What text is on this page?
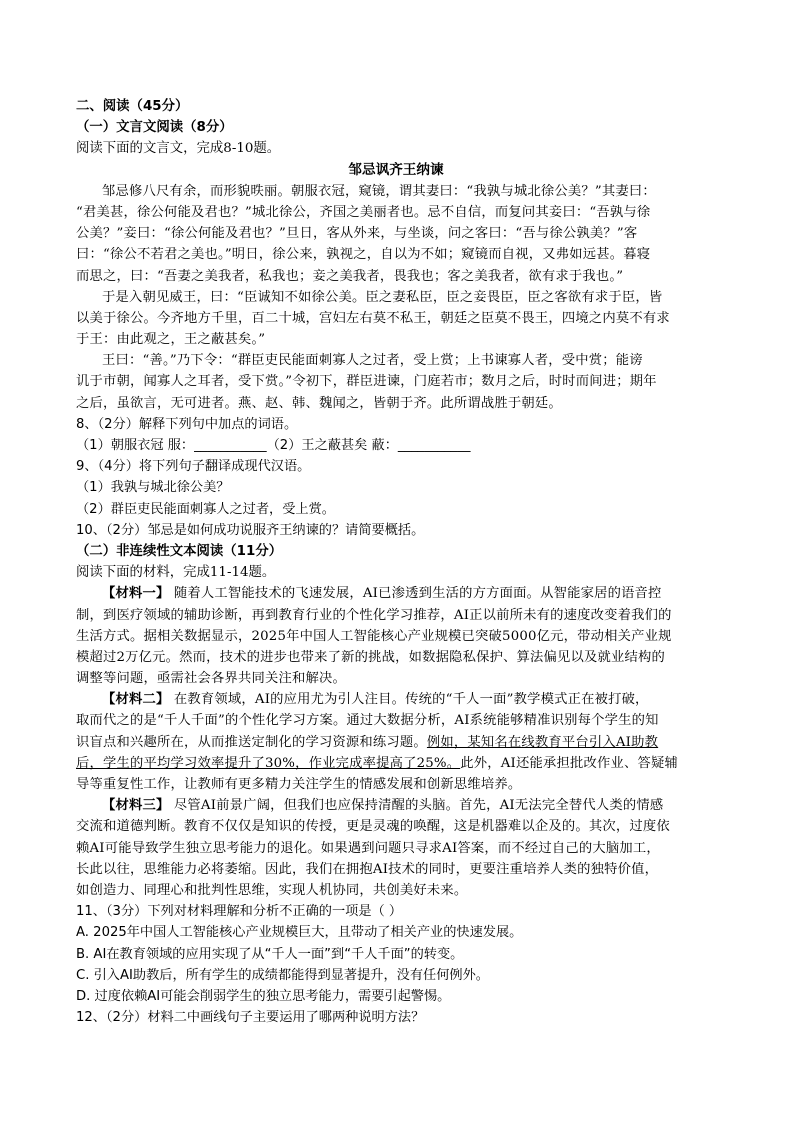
二、阅读（45分）
（一）文言文阅读（8分）
阅读下面的文言文，完成8-10题。
邹忌讽齐王纳谏
邹忌修八尺有余，而形貌昳丽。朝服衣冠，窥镜，谓其妻曰：“我孰与城北徐公美？”其妻曰：
“君美甚，徐公何能及君也？”城北徐公，齐国之美丽者也。忌不自信，而复问其妾曰：“吾孰与徐
公美？”妾曰：“徐公何能及君也？”旦日，客从外来，与坐谈，问之客曰：“吾与徐公孰美？”客
曰：“徐公不若君之美也。”明日，徐公来，孰视之，自以为不如；窥镜而自视，又弗如远甚。暮寝
而思之，曰：“吾妻之美我者，私我也；妾之美我者，畏我也；客之美我者，欲有求于我也。”
于是入朝见威王，曰：“臣诚知不如徐公美。臣之妻私臣，臣之妾畏臣，臣之客欲有求于臣，皆
以美于徐公。今齐地方千里，百二十城，宫妇左右莫不私王，朝廷之臣莫不畏王，四境之内莫不有求
于王：由此观之，王之蔽甚矣。”
王曰：“善。”乃下令：“群臣吏民能面刺寡人之过者，受上赏；上书谏寡人者，受中赏；能谤
讥于市朝，闻寡人之耳者，受下赏。”令初下，群臣进谏，门庭若市；数月之后，时时而间进；期年
之后，虽欲言，无可进者。燕、赵、韩、魏闻之，皆朝于齐。此所谓战胜于朝廷。
8、（2分）解释下列句中加点的词语。
（1）朝服衣冠 服：___________（2）王之蔽甚矣 蔽：___________
9、（4分）将下列句子翻译成现代汉语。
（1）我孰与城北徐公美？
（2）群臣吏民能面刺寡人之过者，受上赏。
10、（2分）邹忌是如何成功说服齐王纳谏的？请简要概括。
（二）非连续性文本阅读（11分）
阅读下面的材料，完成11-14题。
【材料一】 随着人工智能技术的飞速发展，AI已渗透到生活的方方面面。从智能家居的语音控
制，到医疗领域的辅助诊断，再到教育行业的个性化学习推荐，AI正以前所未有的速度改变着我们的
生活方式。据相关数据显示，2025年中国人工智能核心产业规模已突破5000亿元，带动相关产业规
模超过2万亿元。然而，技术的进步也带来了新的挑战，如数据隐私保护、算法偏见以及就业结构的
调整等问题，亟需社会各界共同关注和解决。
【材料二】 在教育领域，AI的应用尤为引人注目。传统的“千人一面”教学模式正在被打破，
取而代之的是“千人千面”的个性化学习方案。通过大数据分析，AI系统能够精准识别每个学生的知
识盲点和兴趣所在，从而推送定制化的学习资源和练习题。例如，某知名在线教育平台引入AI助教
后，学生的平均学习效率提升了30%，作业完成率提高了25%。此外，AI还能承担批改作业、答疑辅
导等重复性工作，让教师有更多精力关注学生的情感发展和创新思维培养。
【材料三】 尽管AI前景广阔，但我们也应保持清醒的头脑。首先，AI无法完全替代人类的情感
交流和道德判断。教育不仅仅是知识的传授，更是灵魂的唤醒，这是机器难以企及的。其次，过度依
赖AI可能导致学生独立思考能力的退化。如果遇到问题只寻求AI答案，而不经过自己的大脑加工，
长此以往，思维能力必将萎缩。因此，我们在拥抱AI技术的同时，更要注重培养人类的独特价值，
如创造力、同理心和批判性思维，实现人机协同，共创美好未来。
11、（3分）下列对材料理解和分析不正确的一项是（ ）
A. 2025年中国人工智能核心产业规模巨大，且带动了相关产业的快速发展。
B. AI在教育领域的应用实现了从“千人一面”到“千人千面”的转变。
C. 引入AI助教后，所有学生的成绩都能得到显著提升，没有任何例外。
D. 过度依赖AI可能会削弱学生的独立思考能力，需要引起警惕。
12、（2分）材料二中画线句子主要运用了哪两种说明方法？
